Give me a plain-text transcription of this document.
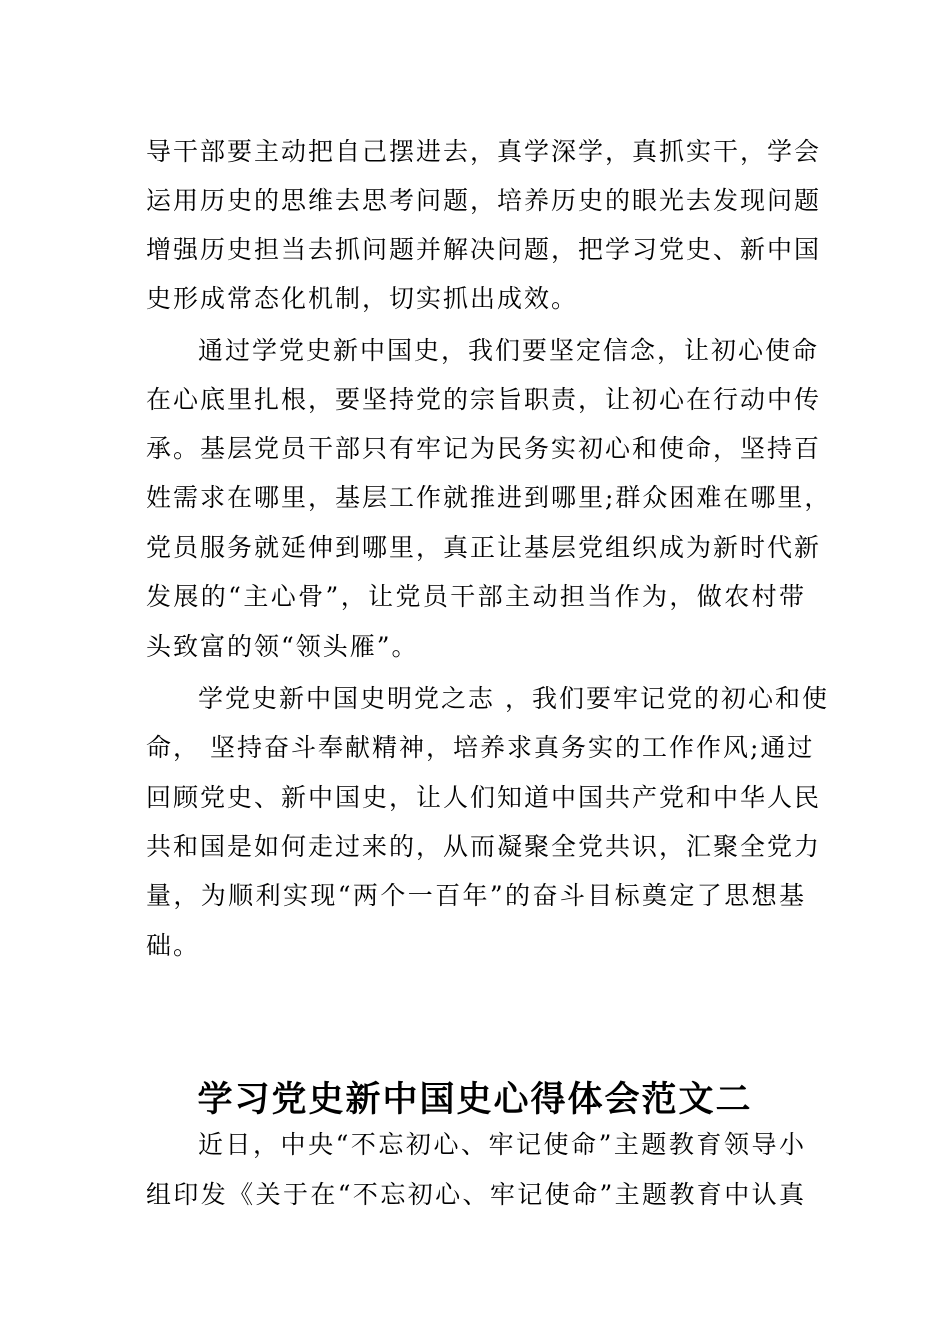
导干部要主动把自己摆进去，真学深学，真抓实干，学会
运用历史的思维去思考问题，培养历史的眼光去发现问题
增强历史担当去抓问题并解决问题，把学习党史、新中国
史形成常态化机制，切实抓出成效。
通过学党史新中国史，我们要坚定信念，让初心使命
在心底里扎根，要坚持党的宗旨职责，让初心在行动中传
承。基层党员干部只有牢记为民务实初心和使命，坚持百
姓需求在哪里，基层工作就推进到哪里;群众困难在哪里，
党员服务就延伸到哪里，真正让基层党组织成为新时代新
发展的“主心骨”，让党员干部主动担当作为，做农村带
头致富的领“领头雁”。
学党史新中国史明党之志 ，我们要牢记党的初心和使
命， 坚持奋斗奉献精神，培养求真务实的工作作风;通过
回顾党史、新中国史，让人们知道中国共产党和中华人民
共和国是如何走过来的，从而凝聚全党共识，汇聚全党力
量，为顺利实现“两个一百年”的奋斗目标奠定了思想基
础。
学习党史新中国史心得体会范文二
近日，中央“不忘初心、牢记使命”主题教育领导小
组印发《关于在“不忘初心、牢记使命”主题教育中认真
